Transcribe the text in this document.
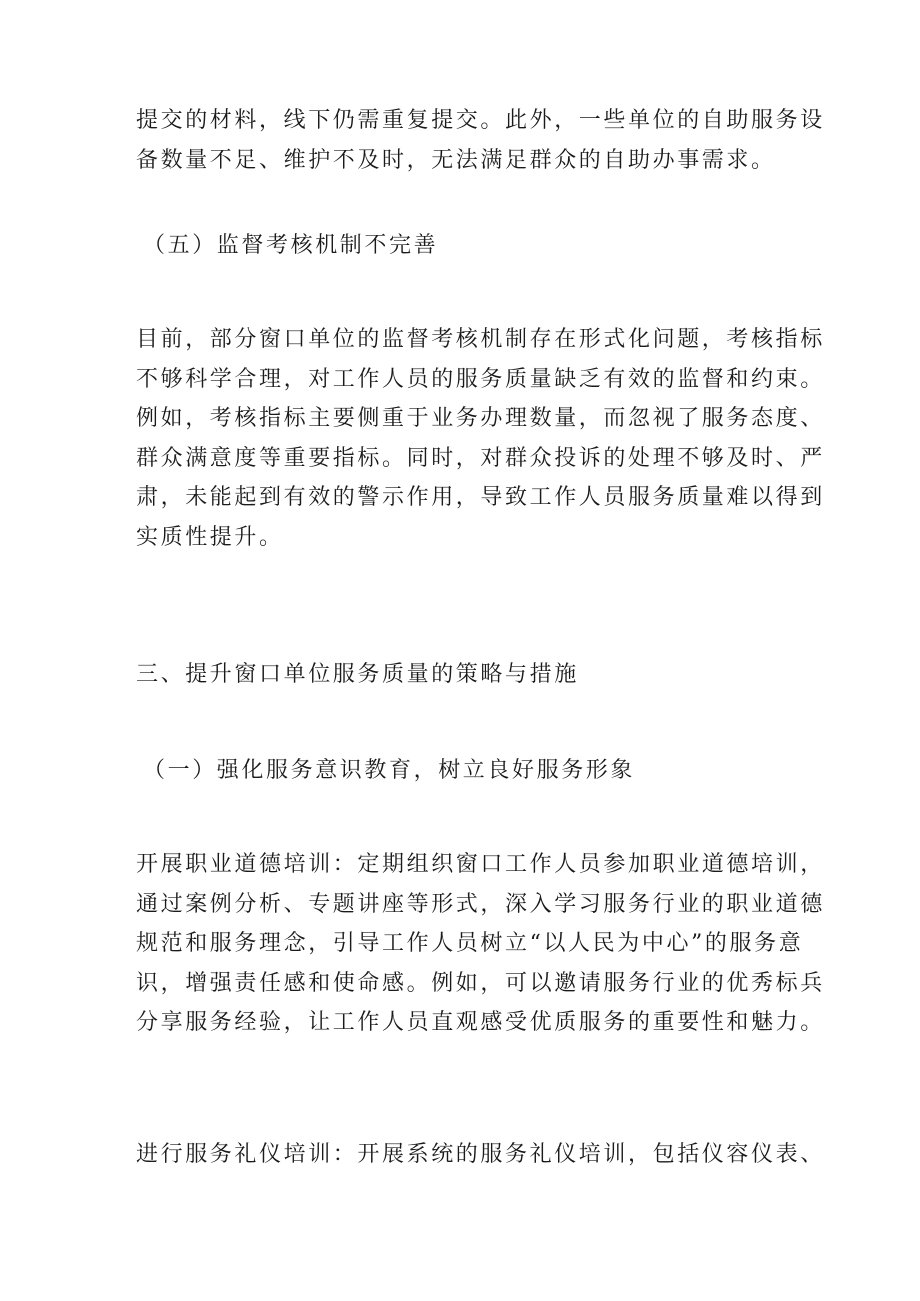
提交的材料，线下仍需重复提交。此外，一些单位的自助服务设
备数量不足、维护不及时，无法满足群众的自助办事需求。

（五）监督考核机制不完善

目前，部分窗口单位的监督考核机制存在形式化问题，考核指标
不够科学合理，对工作人员的服务质量缺乏有效的监督和约束。
例如，考核指标主要侧重于业务办理数量，而忽视了服务态度、
群众满意度等重要指标。同时，对群众投诉的处理不够及时、严
肃，未能起到有效的警示作用，导致工作人员服务质量难以得到
实质性提升。

三、提升窗口单位服务质量的策略与措施

（一）强化服务意识教育，树立良好服务形象

开展职业道德培训：定期组织窗口工作人员参加职业道德培训，
通过案例分析、专题讲座等形式，深入学习服务行业的职业道德
规范和服务理念，引导工作人员树立“以人民为中心”的服务意
识，增强责任感和使命感。例如，可以邀请服务行业的优秀标兵
分享服务经验，让工作人员直观感受优质服务的重要性和魅力。

进行服务礼仪培训：开展系统的服务礼仪培训，包括仪容仪表、
